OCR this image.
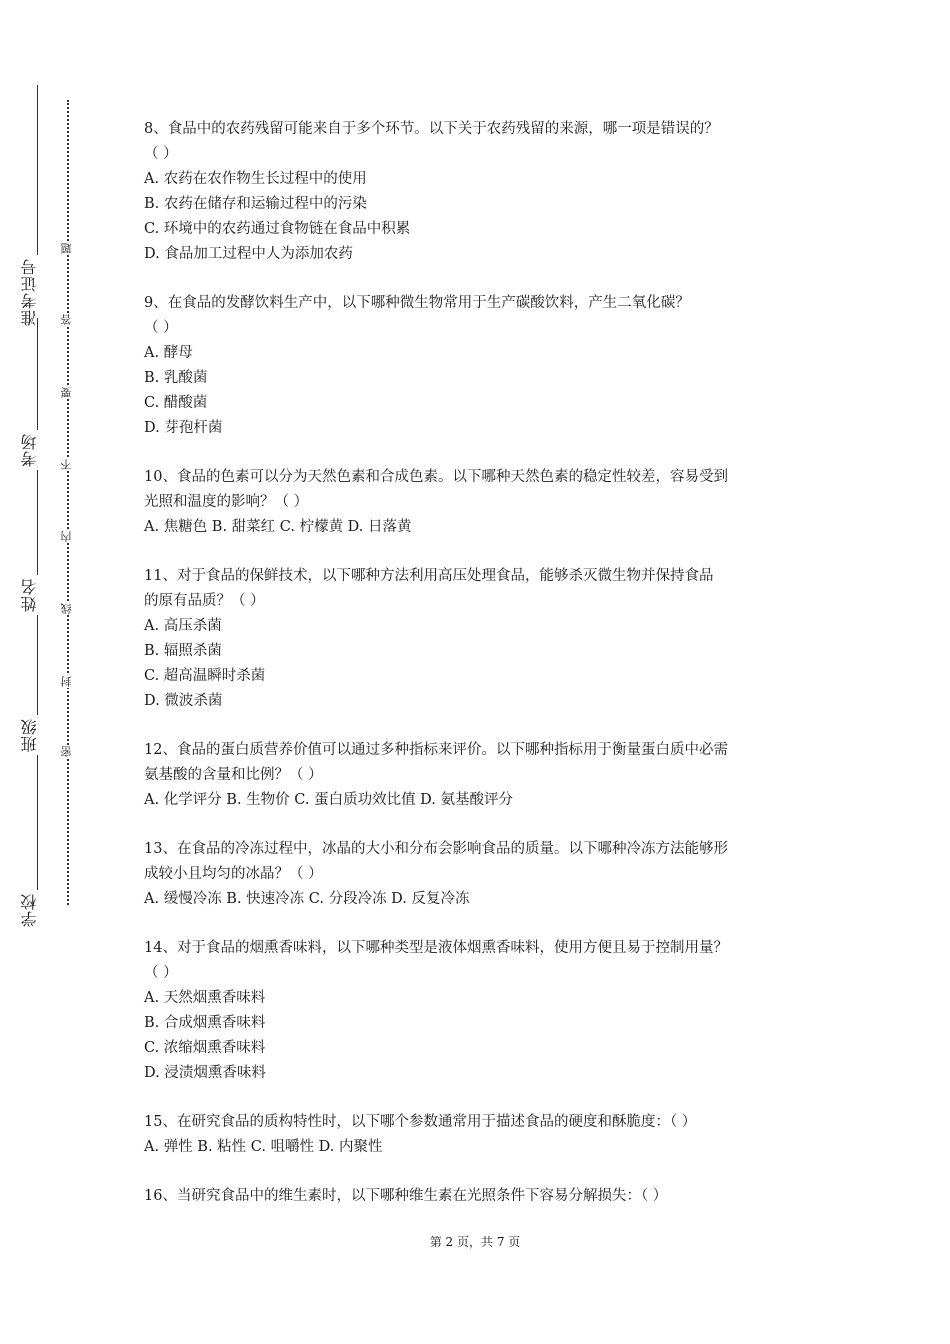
学校
班级
姓名
考场
准考证号
密
封
线
内
不
要
答
题
8、食品中的农药残留可能来自于多个环节。以下关于农药残留的来源，哪一项是错误的？
（ ）
A. 农药在农作物生长过程中的使用
B. 农药在储存和运输过程中的污染
C. 环境中的农药通过食物链在食品中积累
D. 食品加工过程中人为添加农药
9、在食品的发酵饮料生产中，以下哪种微生物常用于生产碳酸饮料，产生二氧化碳？
（ ）
A. 酵母
B. 乳酸菌
C. 醋酸菌
D. 芽孢杆菌
10、食品的色素可以分为天然色素和合成色素。以下哪种天然色素的稳定性较差，容易受到
光照和温度的影响？（ ）
A. 焦糖色 B. 甜菜红 C. 柠檬黄 D. 日落黄
11、对于食品的保鲜技术，以下哪种方法利用高压处理食品，能够杀灭微生物并保持食品
的原有品质？（ ）
A. 高压杀菌
B. 辐照杀菌
C. 超高温瞬时杀菌
D. 微波杀菌
12、食品的蛋白质营养价值可以通过多种指标来评价。以下哪种指标用于衡量蛋白质中必需
氨基酸的含量和比例？（ ）
A. 化学评分 B. 生物价 C. 蛋白质功效比值 D. 氨基酸评分
13、在食品的冷冻过程中，冰晶的大小和分布会影响食品的质量。以下哪种冷冻方法能够形
成较小且均匀的冰晶？（ ）
A. 缓慢冷冻 B. 快速冷冻 C. 分段冷冻 D. 反复冷冻
14、对于食品的烟熏香味料，以下哪种类型是液体烟熏香味料，使用方便且易于控制用量？
（ ）
A. 天然烟熏香味料
B. 合成烟熏香味料
C. 浓缩烟熏香味料
D. 浸渍烟熏香味料
15、在研究食品的质构特性时，以下哪个参数通常用于描述食品的硬度和酥脆度：（ ）
A. 弹性 B. 粘性 C. 咀嚼性 D. 内聚性
16、当研究食品中的维生素时，以下哪种维生素在光照条件下容易分解损失：（ ）
第 2 页，共 7 页
